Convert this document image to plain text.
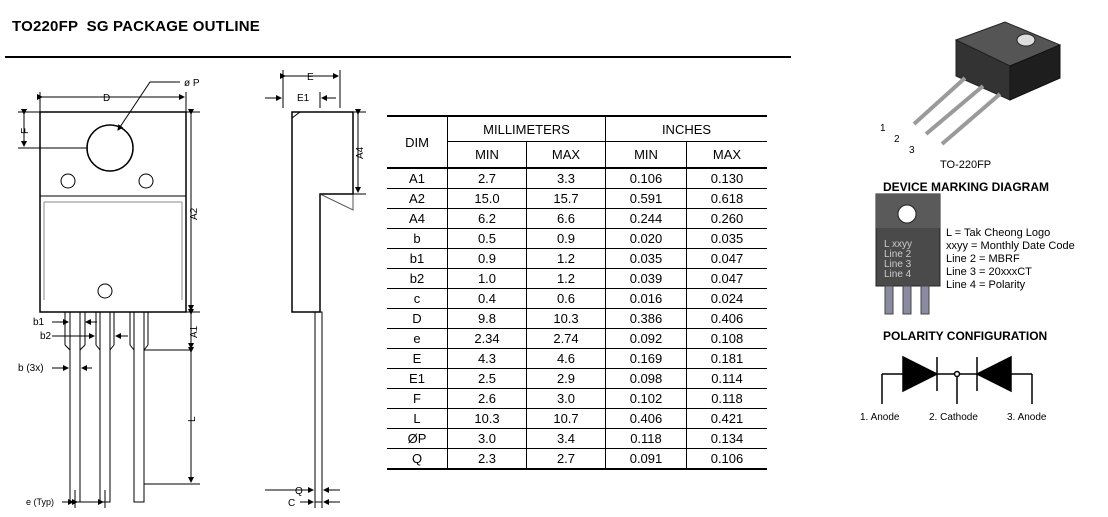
TO220FP  SG PACKAGE OUTLINE
D
ø P
F
A2
A1
L
b1
b2
b (3x)
e (Typ)
E
E1
A4
Q
C
L xxyy
Line 2
Line 3
Line 4
DIM	MILLIMETERS		INCHES	
	MIN	MAX	MIN	MAX
A1	2.7	3.3	0.106	0.130
A2	15.0	15.7	0.591	0.618
A4	6.2	6.6	0.244	0.260
b	0.5	0.9	0.020	0.035
b1	0.9	1.2	0.035	0.047
b2	1.0	1.2	0.039	0.047
c	0.4	0.6	0.016	0.024
D	9.8	10.3	0.386	0.406
e	2.34	2.74	0.092	0.108
E	4.3	4.6	0.169	0.181
E1	2.5	2.9	0.098	0.114
F	2.6	3.0	0.102	0.118
L	10.3	10.7	0.406	0.421
ØP	3.0	3.4	0.118	0.134
Q	2.3	2.7	0.091	0.106
1
2
3
TO-220FP
DEVICE MARKING DIAGRAM
L = Tak Cheong Logo
xxyy = Monthly Date Code
Line 2 = MBRF
Line 3 = 20xxxCT
Line 4 = Polarity
POLARITY CONFIGURATION
1. Anode	2. Cathode	3. Anode
